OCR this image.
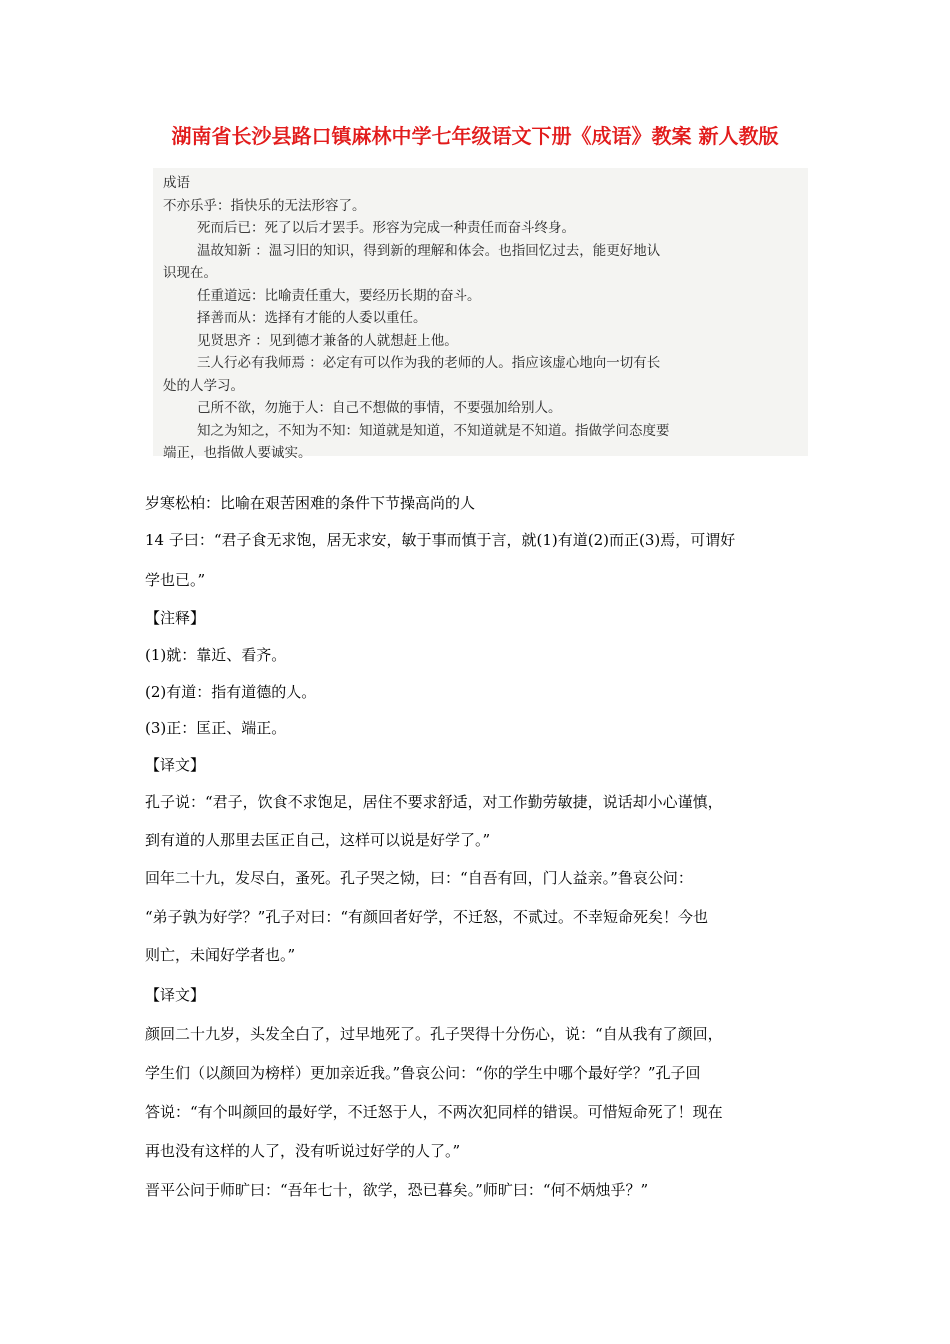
湖南省长沙县路口镇麻林中学七年级语文下册《成语》教案 新人教版
成语
不亦乐乎：指快乐的无法形容了。
死而后已：死了以后才罢手。形容为完成一种责任而奋斗终身。
温故知新 ：温习旧的知识，得到新的理解和体会。也指回忆过去，能更好地认
识现在。
任重道远：比喻责任重大，要经历长期的奋斗。
择善而从：选择有才能的人委以重任。
见贤思齐 ：见到德才兼备的人就想赶上他。
三人行必有我师焉 ：必定有可以作为我的老师的人。指应该虚心地向一切有长
处的人学习。
己所不欲，勿施于人：自己不想做的事情，不要强加给别人。
知之为知之，不知为不知：知道就是知道，不知道就是不知道。指做学问态度要
端正，也指做人要诚实。
岁寒松柏：比喻在艰苦困难的条件下节操高尚的人
14 子曰：“君子食无求饱，居无求安，敏于事而慎于言，就(1)有道(2)而正(3)焉，可谓好
学也已。”
【注释】
(1)就：靠近、看齐。
(2)有道：指有道德的人。
(3)正：匡正、端正。
【译文】
孔子说：“君子，饮食不求饱足，居住不要求舒适，对工作勤劳敏捷，说话却小心谨慎，
到有道的人那里去匡正自己，这样可以说是好学了。”
回年二十九，发尽白，蚤死。孔子哭之恸，曰：“自吾有回，门人益亲。”鲁哀公问：
“弟子孰为好学？”孔子对曰：“有颜回者好学，不迁怒，不贰过。不幸短命死矣！今也
则亡，未闻好学者也。”
【译文】
颜回二十九岁，头发全白了，过早地死了。孔子哭得十分伤心，说：“自从我有了颜回，
学生们（以颜回为榜样）更加亲近我。”鲁哀公问：“你的学生中哪个最好学？”孔子回
答说：“有个叫颜回的最好学，不迁怒于人，不两次犯同样的错误。可惜短命死了！现在
再也没有这样的人了，没有听说过好学的人了。”
晋平公问于师旷曰：“吾年七十，欲学，恐已暮矣。”师旷曰：“何不炳烛乎？”
